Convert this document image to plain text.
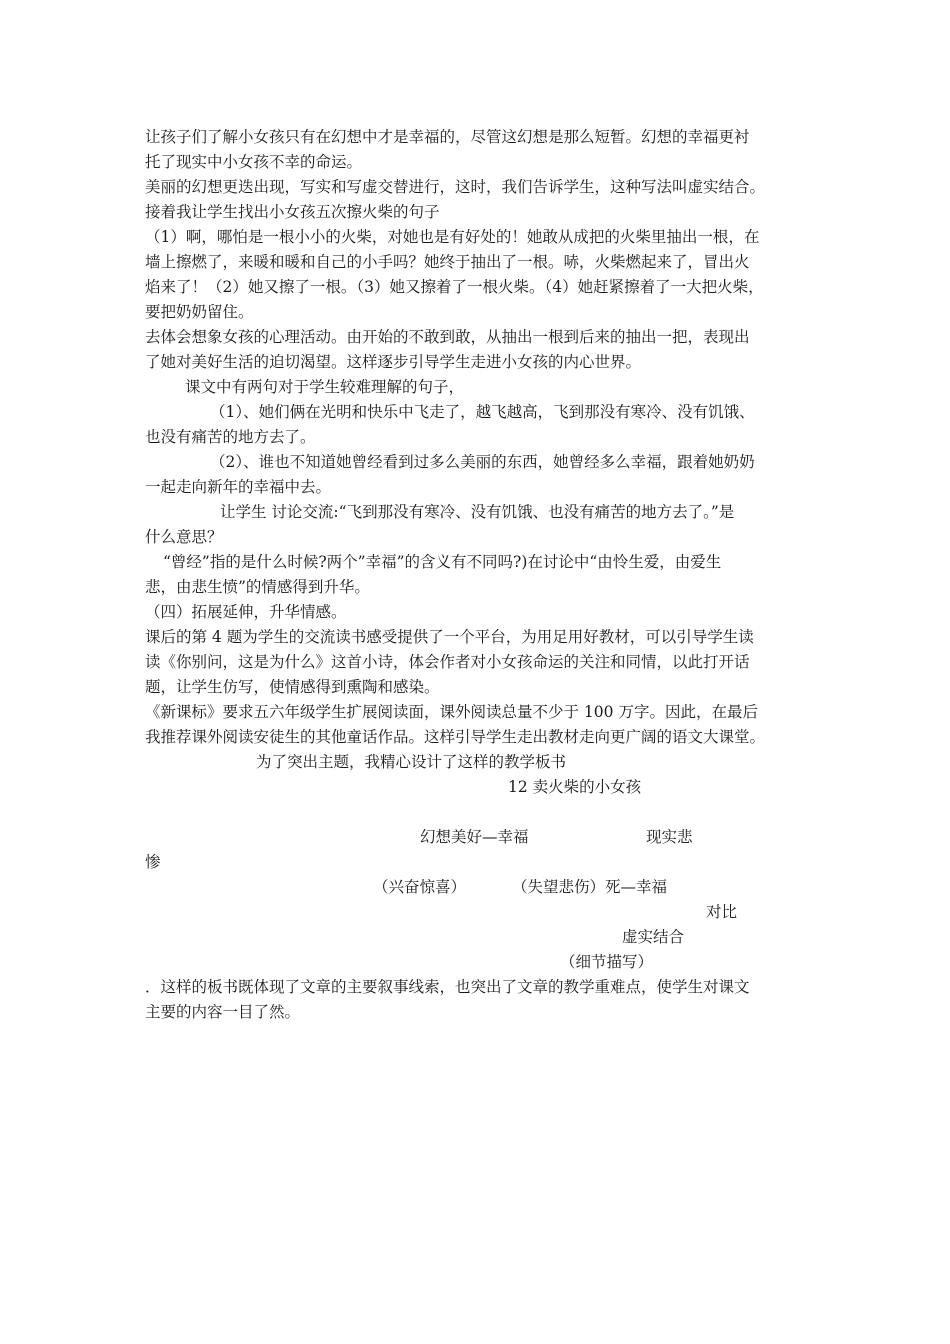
让孩子们了解小女孩只有在幻想中才是幸福的，尽管这幻想是那么短暂。幻想的幸福更衬
托了现实中小女孩不幸的命运。
美丽的幻想更迭出现，写实和写虚交替进行，这时，我们告诉学生，这种写法叫虚实结合。
接着我让学生找出小女孩五次擦火柴的句子
（1）啊，哪怕是一根小小的火柴，对她也是有好处的！她敢从成把的火柴里抽出一根，在
墙上擦燃了，来暖和暖和自己的小手吗？她终于抽出了一根。哧，火柴燃起来了，冒出火
焰来了！（2）她又擦了一根。（3）她又擦着了一根火柴。（4）她赶紧擦着了一大把火柴，
要把奶奶留住。
去体会想象女孩的心理活动。由开始的不敢到敢，从抽出一根到后来的抽出一把，表现出
了她对美好生活的迫切渴望。这样逐步引导学生走进小女孩的内心世界。
课文中有两句对于学生较难理解的句子，
（1）、她们俩在光明和快乐中飞走了，越飞越高，飞到那没有寒冷、没有饥饿、
也没有痛苦的地方去了。
（2）、谁也不知道她曾经看到过多么美丽的东西，她曾经多么幸福，跟着她奶奶
一起走向新年的幸福中去。
让学生 讨论交流:“飞到那没有寒冷、没有饥饿、也没有痛苦的地方去了。”是
什么意思？
“曾经”指的是什么时候?两个”幸福”的含义有不同吗?)在讨论中“由怜生爱，由爱生
悲，由悲生愤”的情感得到升华。
（四）拓展延伸，升华情感。
课后的第 4 题为学生的交流读书感受提供了一个平台，为用足用好教材，可以引导学生读
读《你别问，这是为什么》这首小诗，体会作者对小女孩命运的关注和同情，以此打开话
题，让学生仿写，使情感得到熏陶和感染。
《新课标》要求五六年级学生扩展阅读面，课外阅读总量不少于 100 万字。因此，在最后
我推荐课外阅读安徒生的其他童话作品。这样引导学生走出教材走向更广阔的语文大课堂。
为了突出主题，我精心设计了这样的教学板书
12 卖火柴的小女孩
幻想美好—幸福	现实悲
惨
（兴奋惊喜）	（失望悲伤）死—幸福
对比
虚实结合
（细节描写）
．这样的板书既体现了文章的主要叙事线索，也突出了文章的教学重难点，使学生对课文
主要的内容一目了然。
